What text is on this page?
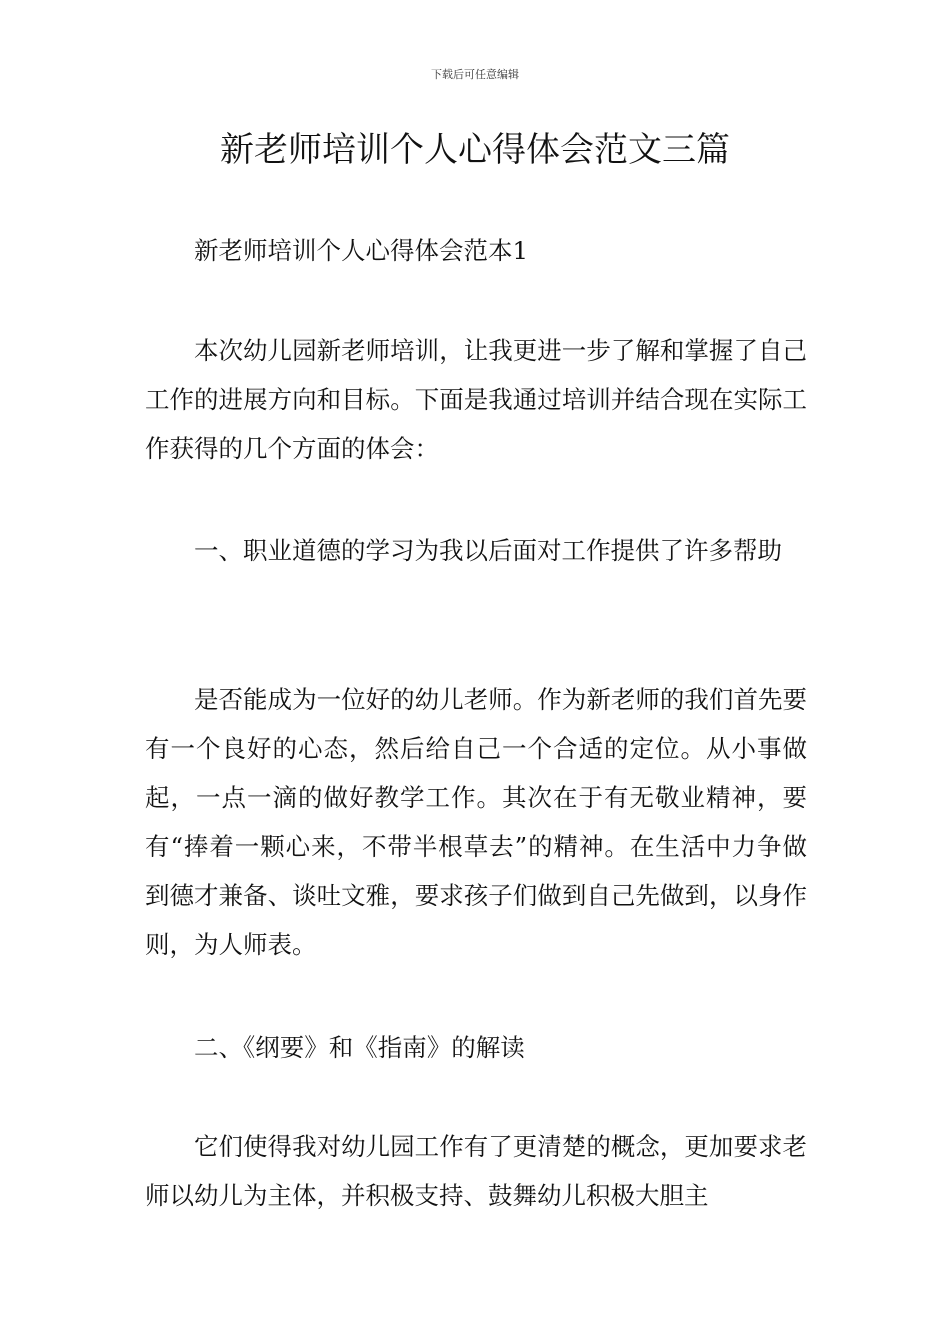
下载后可任意编辑
新老师培训个人心得体会范文三篇

新老师培训个人心得体会范本1

本次幼儿园新老师培训，让我更进一步了解和掌握了自己工作的进展方向和目标。下面是我通过培训并结合现在实际工作获得的几个方面的体会：

一、职业道德的学习为我以后面对工作提供了许多帮助

是否能成为一位好的幼儿老师。作为新老师的我们首先要有一个良好的心态，然后给自己一个合适的定位。从小事做起，一点一滴的做好教学工作。其次在于有无敬业精神，要有“捧着一颗心来，不带半根草去”的精神。在生活中力争做到德才兼备、谈吐文雅，要求孩子们做到自己先做到，以身作则，为人师表。

二、《纲要》和《指南》的解读

它们使得我对幼儿园工作有了更清楚的概念，更加要求老师以幼儿为主体，并积极支持、鼓舞幼儿积极大胆主
